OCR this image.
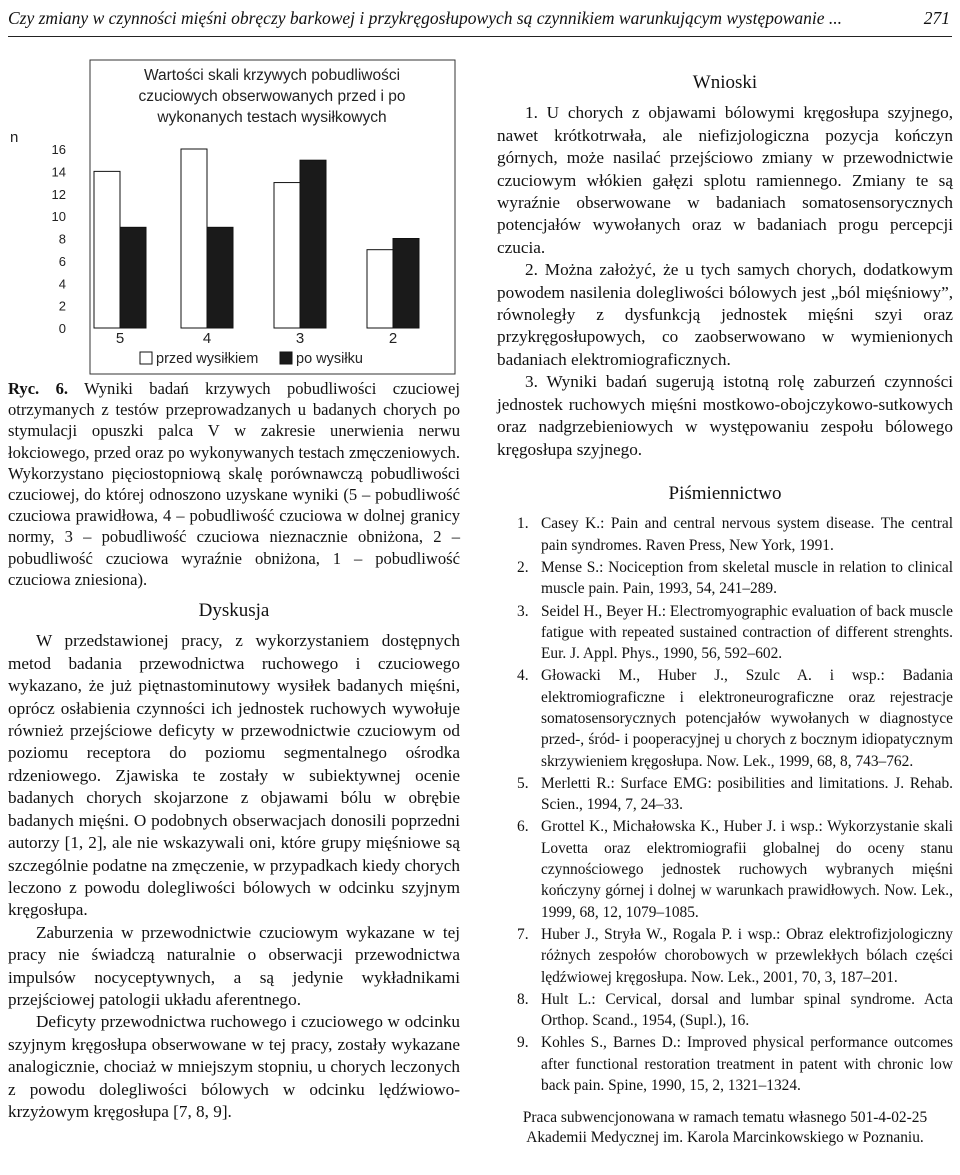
Czy zmiany w czynności mięśni obręczy barkowej i przykręgosłupowych są czynnikiem warunkującym występowanie ...	271
Wartości skali krzywych pobudliwości
czuciowych obserwowanych przed i po
wykonanych testach wysiłkowych
n
0
2
4
6
8
10
12
14
16
5	4	3	2
przed wysiłkiem	po wysiłku

Ryc. 6. Wyniki badań krzywych pobudliwości czuciowej otrzymanych z testów przeprowadzanych u badanych chorych po stymulacji opuszki palca V w zakresie unerwienia nerwu łokciowego, przed oraz po wykonywanych testach zmęczeniowych. Wykorzystano pięciostopniową skalę porównawczą pobudliwości czuciowej, do której odnoszono uzyskane wyniki (5 – pobudliwość czuciowa prawidłowa, 4 – pobudliwość czuciowa w dolnej granicy normy, 3 – pobudliwość czuciowa nieznacznie obniżona, 2 – pobudliwość czuciowa wyraźnie obniżona, 1 – pobudliwość czuciowa zniesiona).

Dyskusja

W przedstawionej pracy, z wykorzystaniem dostępnych metod badania przewodnictwa ruchowego i czuciowego wykazano, że już piętnastominutowy wysiłek badanych mięśni, oprócz osłabienia czynności ich jednostek ruchowych wywołuje również przejściowe deficyty w przewodnictwie czuciowym od poziomu receptora do poziomu segmentalnego ośrodka rdzeniowego. Zjawiska te zostały w subiektywnej ocenie badanych chorych skojarzone z objawami bólu w obrębie badanych mięśni. O podobnych obserwacjach donosili poprzedni autorzy [1, 2], ale nie wskazywali oni, które grupy mięśniowe są szczególnie podatne na zmęczenie, w przypadkach kiedy chorych leczono z powodu dolegliwości bólowych w odcinku szyjnym kręgosłupa.

Zaburzenia w przewodnictwie czuciowym wykazane w tej pracy nie świadczą naturalnie o obserwacji przewodnictwa impulsów nocyceptywnych, a są jedynie wykładnikami przejściowej patologii układu aferentnego.

Deficyty przewodnictwa ruchowego i czuciowego w odcinku szyjnym kręgosłupa obserwowane w tej pracy, zostały wykazane analogicznie, chociaż w mniejszym stopniu, u chorych leczonych z powodu dolegliwości bólowych w odcinku lędźwiowo-krzyżowym kręgosłupa [7, 8, 9].

Wnioski

1. U chorych z objawami bólowymi kręgosłupa szyjnego, nawet krótkotrwała, ale niefizjologiczna pozycja kończyn górnych, może nasilać przejściowo zmiany w przewodnictwie czuciowym włókien gałęzi splotu ramiennego. Zmiany te są wyraźnie obserwowane w badaniach somatosensorycznych potencjałów wywołanych oraz w badaniach progu percepcji czucia.

2. Można założyć, że u tych samych chorych, dodatkowym powodem nasilenia dolegliwości bólowych jest „ból mięśniowy”, równoległy z dysfunkcją jednostek mięśni szyi oraz przykręgosłupowych, co zaobserwowano w wymienionych badaniach elektromiograficznych.

3. Wyniki badań sugerują istotną rolę zaburzeń czynności jednostek ruchowych mięśni mostkowo-obojczykowo-sutkowych oraz nadgrzebieniowych w występowaniu zespołu bólowego kręgosłupa szyjnego.

Piśmiennictwo

1. Casey K.: Pain and central nervous system disease. The central pain syndromes. Raven Press, New York, 1991.
2. Mense S.: Nociception from skeletal muscle in relation to clinical muscle pain. Pain, 1993, 54, 241–289.
3. Seidel H., Beyer H.: Electromyographic evaluation of back muscle fatigue with repeated sustained contraction of different strenghts. Eur. J. Appl. Phys., 1990, 56, 592–602.
4. Głowacki M., Huber J., Szulc A. i wsp.: Badania elektromiograficzne i elektroneurograficzne oraz rejestracje somatosensorycznych potencjałów wywołanych w diagnostyce przed-, śród- i pooperacyjnej u chorych z bocznym idiopatycznym skrzywieniem kręgosłupa. Now. Lek., 1999, 68, 8, 743–762.
5. Merletti R.: Surface EMG: posibilities and limitations. J. Rehab. Scien., 1994, 7, 24–33.
6. Grottel K., Michałowska K., Huber J. i wsp.: Wykorzystanie skali Lovetta oraz elektromiografii globalnej do oceny stanu czynnościowego jednostek ruchowych wybranych mięśni kończyny górnej i dolnej w warunkach prawidłowych. Now. Lek., 1999, 68, 12, 1079–1085.
7. Huber J., Stryła W., Rogala P. i wsp.: Obraz elektrofizjologiczny różnych zespołów chorobowych w przewlekłych bólach części lędźwiowej kręgosłupa. Now. Lek., 2001, 70, 3, 187–201.
8. Hult L.: Cervical, dorsal and lumbar spinal syndrome. Acta Orthop. Scand., 1954, (Supl.), 16.
9. Kohles S., Barnes D.: Improved physical performance outcomes after functional restoration treatment in patent with chronic low back pain. Spine, 1990, 15, 2, 1321–1324.
Praca subwencjonowana w ramach tematu własnego 501-4-02-25
Akademii Medycznej im. Karola Marcinkowskiego w Poznaniu.
